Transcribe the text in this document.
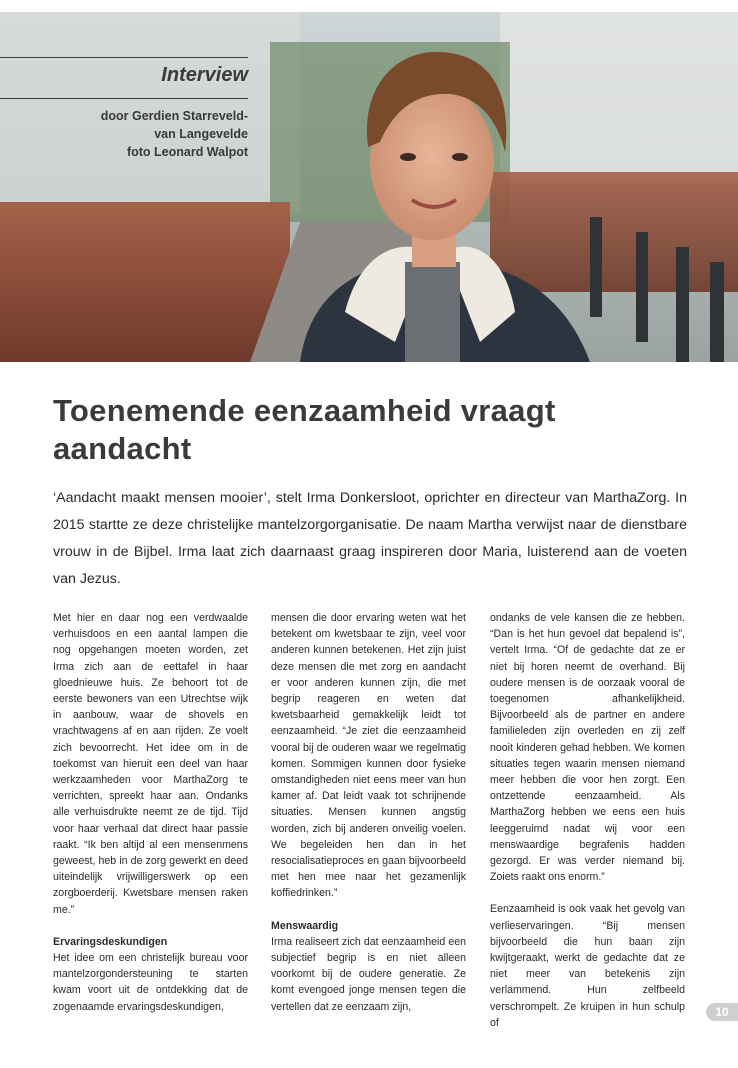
Interview
door Gerdien Starreveld-
van Langevelde
foto Leonard Walpot
Toenemende eenzaamheid vraagt aandacht
‘Aandacht maakt mensen mooier’, stelt Irma Donkersloot, oprichter en directeur van MarthaZorg. In 2015 startte ze deze christelijke mantelzorgorganisatie. De naam Martha verwijst naar de dienstbare vrouw in de Bijbel. Irma laat zich daarnaast graag inspireren door Maria, luisterend aan de voeten van Jezus.

Met hier en daar nog een verdwaalde verhuisdoos en een aantal lampen die nog opgehangen moeten worden, zet Irma zich aan de eettafel in haar gloednieuwe huis. Ze behoort tot de eerste bewoners van een Utrechtse wijk in aanbouw, waar de shovels en vrachtwagens af en aan rijden. Ze voelt zich bevoorrecht. Het idee om in de toekomst van hieruit een deel van haar werkzaamheden voor MarthaZorg te verrichten, spreekt haar aan. Ondanks alle verhuisdrukte neemt ze de tijd. Tijd voor haar verhaal dat direct haar passie raakt. “Ik ben altijd al een mensenmens geweest, heb in de zorg gewerkt en deed uiteindelijk vrijwilligerswerk op een zorgboerderij. Kwetsbare mensen raken me.”

Ervaringsdeskundigen

Het idee om een christelijk bureau voor mantelzorgondersteuning te starten kwam voort uit de ontdekking dat de zogenaamde ervaringsdeskundigen,

mensen die door ervaring weten wat het betekent om kwetsbaar te zijn, veel voor anderen kunnen betekenen. Het zijn juist deze mensen die met zorg en aandacht er voor anderen kunnen zijn, die met begrip reageren en weten dat kwetsbaarheid gemakkelijk leidt tot eenzaamheid. “Je ziet die eenzaamheid vooral bij de ouderen waar we regelmatig komen. Sommigen kunnen door fysieke omstandigheden niet eens meer van hun kamer af. Dat leidt vaak tot schrijnende situaties. Mensen kunnen angstig worden, zich bij anderen onveilig voelen. We begeleiden hen dan in het resocialisatieproces en gaan bijvoorbeeld met hen mee naar het gezamenlijk koffiedrinken.”

Menswaardig

Irma realiseert zich dat eenzaamheid een subjectief begrip is en niet alleen voorkomt bij de oudere generatie. Ze komt evengoed jonge mensen tegen die vertellen dat ze eenzaam zijn,

ondanks de vele kansen die ze hebben. “Dan is het hun gevoel dat bepalend is”, vertelt Irma. “Of de gedachte dat ze er niet bij horen neemt de overhand. Bij oudere mensen is de oorzaak vooral de toegenomen afhankelijkheid. Bijvoorbeeld als de partner en andere familieleden zijn overleden en zij zelf nooit kinderen gehad hebben. We komen situaties tegen waarin mensen niemand meer hebben die voor hen zorgt. Een ontzettende eenzaamheid. Als MarthaZorg hebben we eens een huis leeggeruimd nadat wij voor een menswaardige begrafenis hadden gezorgd. Er was verder niemand bij. Zoiets raakt ons enorm.”

Eenzaamheid is ook vaak het gevolg van verlieservaringen. “Bij mensen bijvoorbeeld die hun baan zijn kwijtgeraakt, werkt de gedachte dat ze niet meer van betekenis zijn verlammend. Hun zelfbeeld verschrompelt. Ze kruipen in hun schulp of

10
